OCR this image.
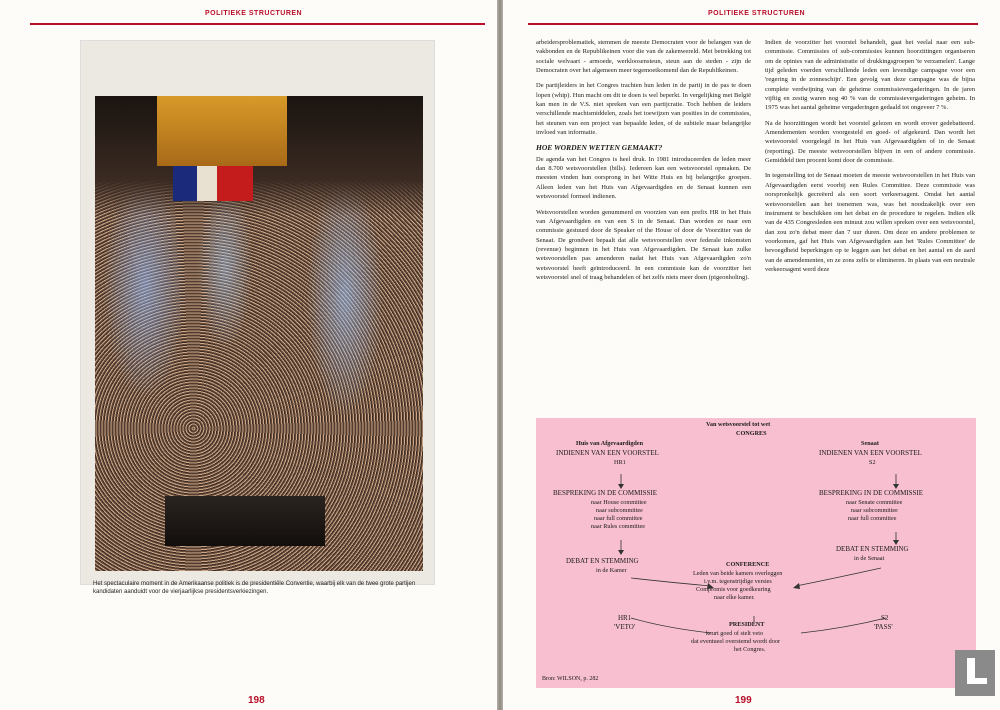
POLITIEKE STRUCTUREN
Het spectaculaire moment in de Amerikaanse politiek is de presidentiële Conventie, waarbij elk van de twee grote partijen kandidaten aanduidt voor de vierjaarlijkse presidentsverkiezingen.
198
POLITIEKE STRUCTUREN

arbeidersproblematiek, stemmen de meeste Democraten voor de belangen van de vakbonden en de Republikeinen voor die van de zakenwereld. Met betrekking tot sociale welvaart - armoede, werkloosensteun, steun aan de steden - zijn de Democraten over het algemeen meer tegemoetkomend dan de Republikeinen.

De partijleiders in het Congres trachten hun leden in de partij in de pas te doen lopen (whip). Hun macht om dit te doen is wel beperkt. In vergelijking met België kan men in de V.S. niet spreken van een partijcratie. Toch hebben de leiders verschillende machtsmiddelen, zoals het toewijzen van posities in de commissies, het steunen van een project van bepaalde leden, of de subtiele maar belangrijke invloed van informatie.

HOE WORDEN WETTEN GEMAAKT?

De agenda van het Congres is heel druk. In 1981 introduceerden de leden meer dan 8.700 wetsvoorstellen (bills). Iedereen kan een wetsvoorstel opmaken. De meesten vinden hun oorsprong in het Witte Huis en bij belangrijke groepen. Alleen leden van het Huis van Afgevaardigden en de Senaat kunnen een wetsvoorstel formeel indienen.

Wetsvoorstellen worden genummerd en voorzien van een prefix HR in het Huis van Afgevaardigden en van een S in de Senaat. Dan worden ze naar een commissie gestuurd door de Speaker of the House of door de Voorzitter van de Senaat. De grondwet bepaalt dat alle wetsvoorstellen over federale inkomsten (revenue) beginnen in het Huis van Afgevaardigden. De Senaat kan zulke wetsvoorstellen pas amenderen nadat het Huis van Afgevaardigden zo'n wetsvoorstel heeft geïntroduceerd. In een commissie kan de voorzitter het wetsvoorstel snel of traag behandelen of het zelfs niets meer doen (pigeonholing).

Indien de voorzitter het voorstel behandelt, gaat het veelal naar een sub-commissie. Commissies of sub-commissies kunnen hoorzittingen organiseren om de opinies van de administratie of drukkingsgroepen 'te verzamelen'. Lange tijd geleden voerden verschillende leden een levendige campagne voor een 'regering in de zonneschijn'. Een gevolg van deze campagne was de bijna complete verdwijning van de geheime commissievergaderingen. In de jaren vijftig en zestig waren nog 40 % van de commissievergaderingen geheim. In 1975 was het aantal geheime vergaderingen gedaald tot ongeveer 7 %.

Na de hoorzittingen wordt het voorstel gelezen en wordt erover gedebatteerd. Amendementen worden voorgesteld en goed- of afgekeurd. Dan wordt het wetsvoorstel voorgelegd in het Huis van Afgevaardigden of in de Senaat (reporting). De meeste wetsvoorstellen blijven in een of andere commissie. Gemiddeld tien procent komt door de commissie.

In tegenstelling tot de Senaat moeten de meeste wetsvoorstellen in het Huis van Afgevaardigden eerst voorbij een Rules Committee. Deze commissie was oorspronkelijk gecreëerd als een soort verkeersagent. Omdat het aantal wetsvoorstellen aan het toenemen was, was het noodzakelijk over een instrument te beschikken om het debat en de procedure te regelen. Indien elk van de 435 Congresleden een minuut zou willen spreken over een wetsvoorstel, dan zou zo'n debat meer dan 7 uur duren. Om deze en andere problemen te voorkomen, gaf het Huis van Afgevaardigden aan het 'Rules Committee' de bevoegdheid beperkingen op te leggen aan het debat en het aantal en de aard van de amendementen, en ze zons zelfs te elimineren. In plaats van een neutrale verkeersagent werd deze

Van wetsvoorstel tot wet
CONGRES
Huis van Afgevaardigden
INDIENEN VAN EEN VOORSTEL
HR1
BESPREKING IN DE COMMISSIE
naar House committee
naar subcommittee
naar full committee
naar Rules committee
DEBAT EN STEMMING
in de Kamer
Senaat
INDIENEN VAN EEN VOORSTEL
S2
BESPREKING IN DE COMMISSIE
naar Senate committee
naar subcommittee
naar full committee
DEBAT EN STEMMING
in de Senaat
CONFERENCE
Leden van beide kamers overleggen
i.v.m. tegenstrijdige versies
Compromis voor goedkeuring
naar elke kamer.
PRESIDENT
keurt goed of stelt veto
dat eventueel overstemd wordt door
het Congres.
HR1
'VETO'
S2
'PASS'
Bron: WILSON, p. 282
199
